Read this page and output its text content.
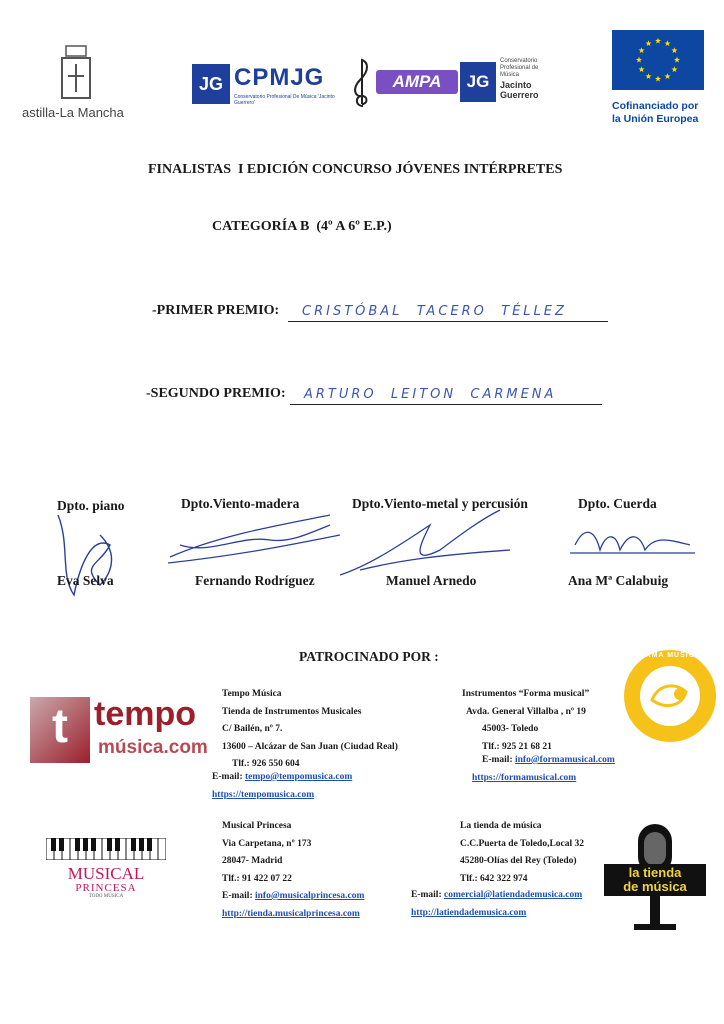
astilla-La Mancha
JG CPMJG
Conservatorio Profesional De Música 'Jacinto Guerrero'
AMPA	JG
Conservatorio
Profesional de
Música
Jacinto
Guerrero
Cofinanciado por
la Unión Europea
FINALISTAS  I EDICIÓN CONCURSO JÓVENES INTÉRPRETES
CATEGORÍA B  (4º A 6º E.P.)
-PRIMER PREMIO:	CRISTÓBAL  TACERO  TÉLLEZ
-SEGUNDO PREMIO:	ARTURO  LEITON  CARMENA
Dpto. piano	Dpto.Viento-madera	Dpto.Viento-metal y percusión	Dpto. Cuerda
Eva Selva	Fernando Rodríguez	Manuel Arnedo	Ana Mª Calabuig
PATROCINADO POR :
t tempo
música.com
Tempo Música
Tienda de Instrumentos Musicales
C/ Bailén, nº 7.
13600 – Alcázar de San Juan (Ciudad Real)
Tlf.: 926 550 604
E-mail: tempo@tempomusica.com
https://tempomusica.com
Instrumentos “Forma musical”
Avda. General Villalba , nº 19
45003- Toledo
Tlf.: 925 21 68 21
E-mail: info@formamusical.com
https://formamusical.com
FORMA MUSICAL
MUSICAL
PRINCESA
TODO MÚSICA
Musical Princesa
Via Carpetana, nº 173
28047- Madrid
Tlf.: 91 422 07 22
E-mail: info@musicalprincesa.com
http://tienda.musicalprincesa.com
La tienda de música
C.C.Puerta de Toledo,Local 32
45280-Olías del Rey (Toledo)
Tlf.: 642 322 974
E-mail: comercial@latiendademusica.com
http://latiendademusica.com
la tienda
de música
